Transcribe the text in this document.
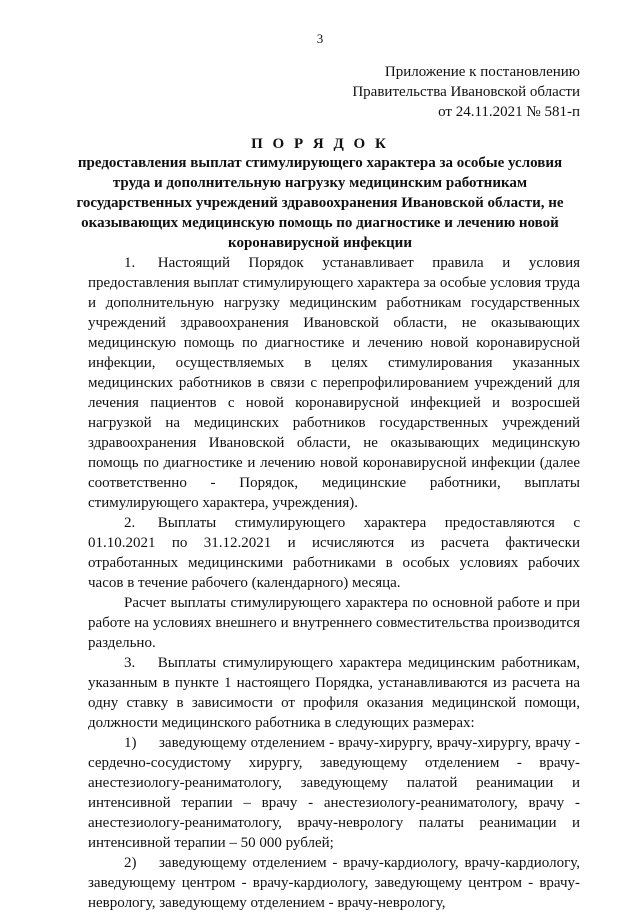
3
Приложение к постановлению
Правительства Ивановской области
от 24.11.2021 № 581-п
П О Р Я Д О К
предоставления выплат стимулирующего характера за особые условия труда и дополнительную нагрузку медицинским работникам государственных учреждений здравоохранения Ивановской области, не оказывающих медицинскую помощь по диагностике и лечению новой коронавирусной инфекции

1.  Настоящий Порядок устанавливает правила и условия предоставления выплат стимулирующего характера за особые условия труда и дополнительную нагрузку медицинским работникам государственных учреждений здравоохранения Ивановской области, не оказывающих медицинскую помощь по диагностике и лечению новой коронавирусной инфекции, осуществляемых в целях стимулирования указанных медицинских работников в связи с перепрофилированием учреждений для лечения пациентов с новой коронавирусной инфекцией и возросшей нагрузкой на медицинских работников государственных учреждений здравоохранения Ивановской области, не оказывающих медицинскую помощь по диагностике и лечению новой коронавирусной инфекции (далее соответственно - Порядок, медицинские работники, выплаты стимулирующего характера, учреждения).

2.  Выплаты стимулирующего характера предоставляются с 01.10.2021 по 31.12.2021 и исчисляются из расчета фактически отработанных медицинскими работниками в особых условиях рабочих часов в течение рабочего (календарного) месяца.

Расчет выплаты стимулирующего характера по основной работе и при работе на условиях внешнего и внутреннего совместительства производится раздельно.

3.  Выплаты стимулирующего характера медицинским работникам, указанным в пункте 1 настоящего Порядка, устанавливаются из расчета на одну ставку в зависимости от профиля оказания медицинской помощи, должности медицинского работника в следующих размерах:

1)  заведующему отделением - врачу-хирургу, врачу-хирургу, врачу - сердечно-сосудистому хирургу, заведующему отделением - врачу-анестезиологу-реаниматологу, заведующему палатой реанимации и интенсивной терапии – врачу - анестезиологу-реаниматологу, врачу - анестезиологу-реаниматологу, врачу-неврологу палаты реанимации и интенсивной терапии – 50 000 рублей;

2)  заведующему отделением - врачу-кардиологу, врачу-кардиологу, заведующему центром - врачу-кардиологу, заведующему центром - врачу-неврологу, заведующему отделением - врачу-неврологу,
